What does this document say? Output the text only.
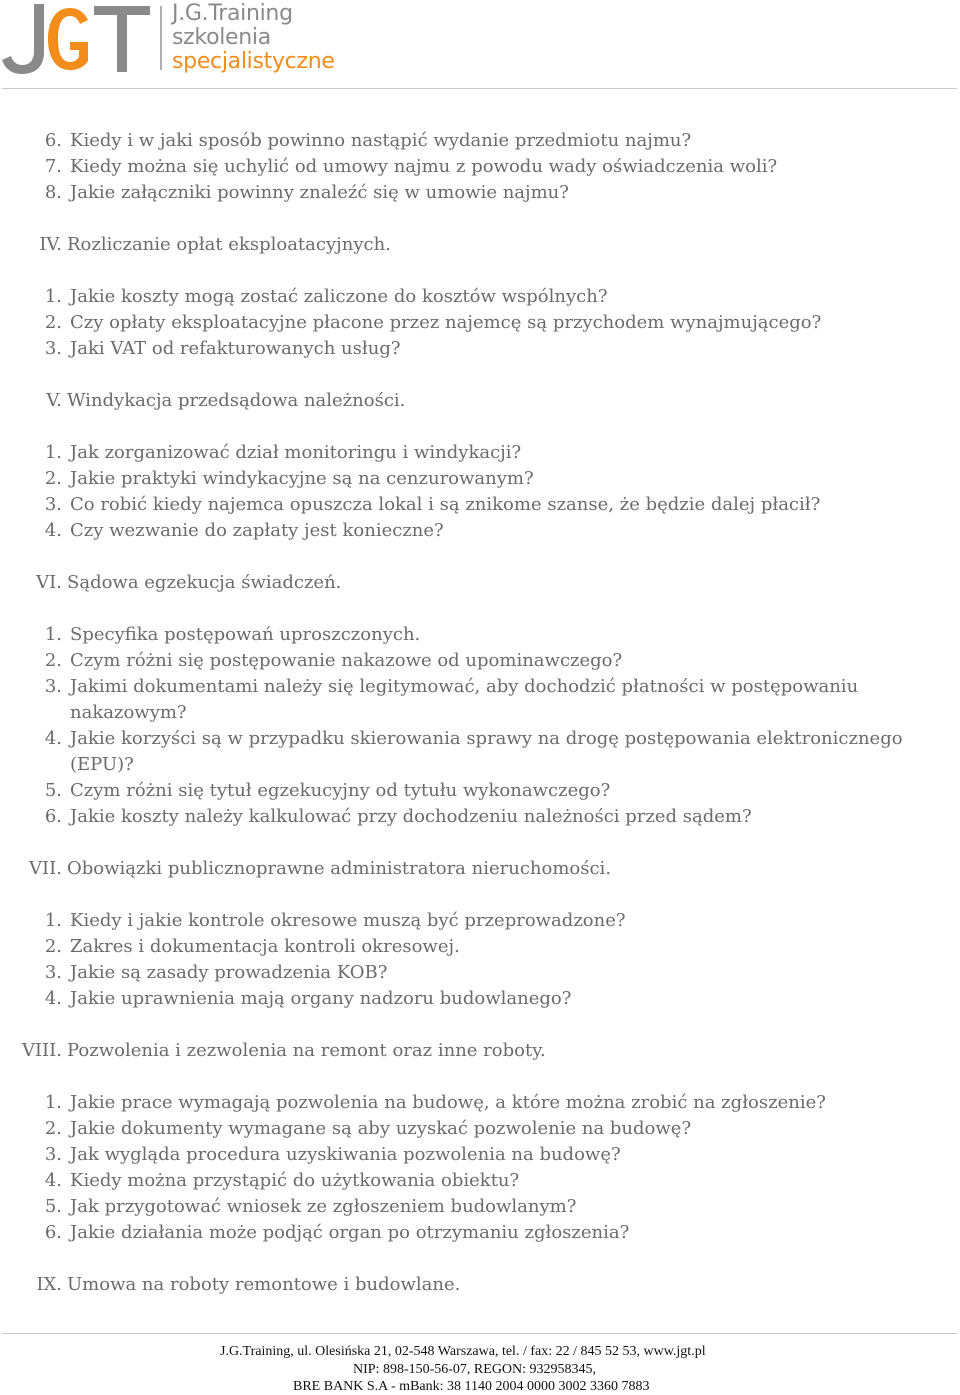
J.G.Training
szkolenia
specjalistyczne
6. Kiedy i w jaki sposób powinno nastąpić wydanie przedmiotu najmu?
7. Kiedy można się uchylić od umowy najmu z powodu wady oświadczenia woli?
8. Jakie załączniki powinny znaleźć się w umowie najmu?
IV. Rozliczanie opłat eksploatacyjnych.
1. Jakie koszty mogą zostać zaliczone do kosztów wspólnych?
2. Czy opłaty eksploatacyjne płacone przez najemcę są przychodem wynajmującego?
3. Jaki VAT od refakturowanych usług?
V. Windykacja przedsądowa należności.
1. Jak zorganizować dział monitoringu i windykacji?
2. Jakie praktyki windykacyjne są na cenzurowanym?
3. Co robić kiedy najemca opuszcza lokal i są znikome szanse, że będzie dalej płacił?
4. Czy wezwanie do zapłaty jest konieczne?
VI. Sądowa egzekucja świadczeń.
1. Specyfika postępowań uproszczonych.
2. Czym różni się postępowanie nakazowe od upominawczego?
3. Jakimi dokumentami należy się legitymować, aby dochodzić płatności w postępowaniu
nakazowym?
4. Jakie korzyści są w przypadku skierowania sprawy na drogę postępowania elektronicznego
(EPU)?
5. Czym różni się tytuł egzekucyjny od tytułu wykonawczego?
6. Jakie koszty należy kalkulować przy dochodzeniu należności przed sądem?
VII. Obowiązki publicznoprawne administratora nieruchomości.
1. Kiedy i jakie kontrole okresowe muszą być przeprowadzone?
2. Zakres i dokumentacja kontroli okresowej.
3. Jakie są zasady prowadzenia KOB?
4. Jakie uprawnienia mają organy nadzoru budowlanego?
VIII. Pozwolenia i zezwolenia na remont oraz inne roboty.
1. Jakie prace wymagają pozwolenia na budowę, a które można zrobić na zgłoszenie?
2. Jakie dokumenty wymagane są aby uzyskać pozwolenie na budowę?
3. Jak wygląda procedura uzyskiwania pozwolenia na budowę?
4. Kiedy można przystąpić do użytkowania obiektu?
5. Jak przygotować wniosek ze zgłoszeniem budowlanym?
6. Jakie działania może podjąć organ po otrzymaniu zgłoszenia?
IX. Umowa na roboty remontowe i budowlane.
J.G.Training, ul. Olesińska 21, 02-548 Warszawa, tel. / fax: 22 / 845 52 53, www.jgt.pl
NIP: 898-150-56-07, REGON: 932958345,
BRE BANK S.A - mBank: 38 1140 2004 0000 3002 3360 7883
